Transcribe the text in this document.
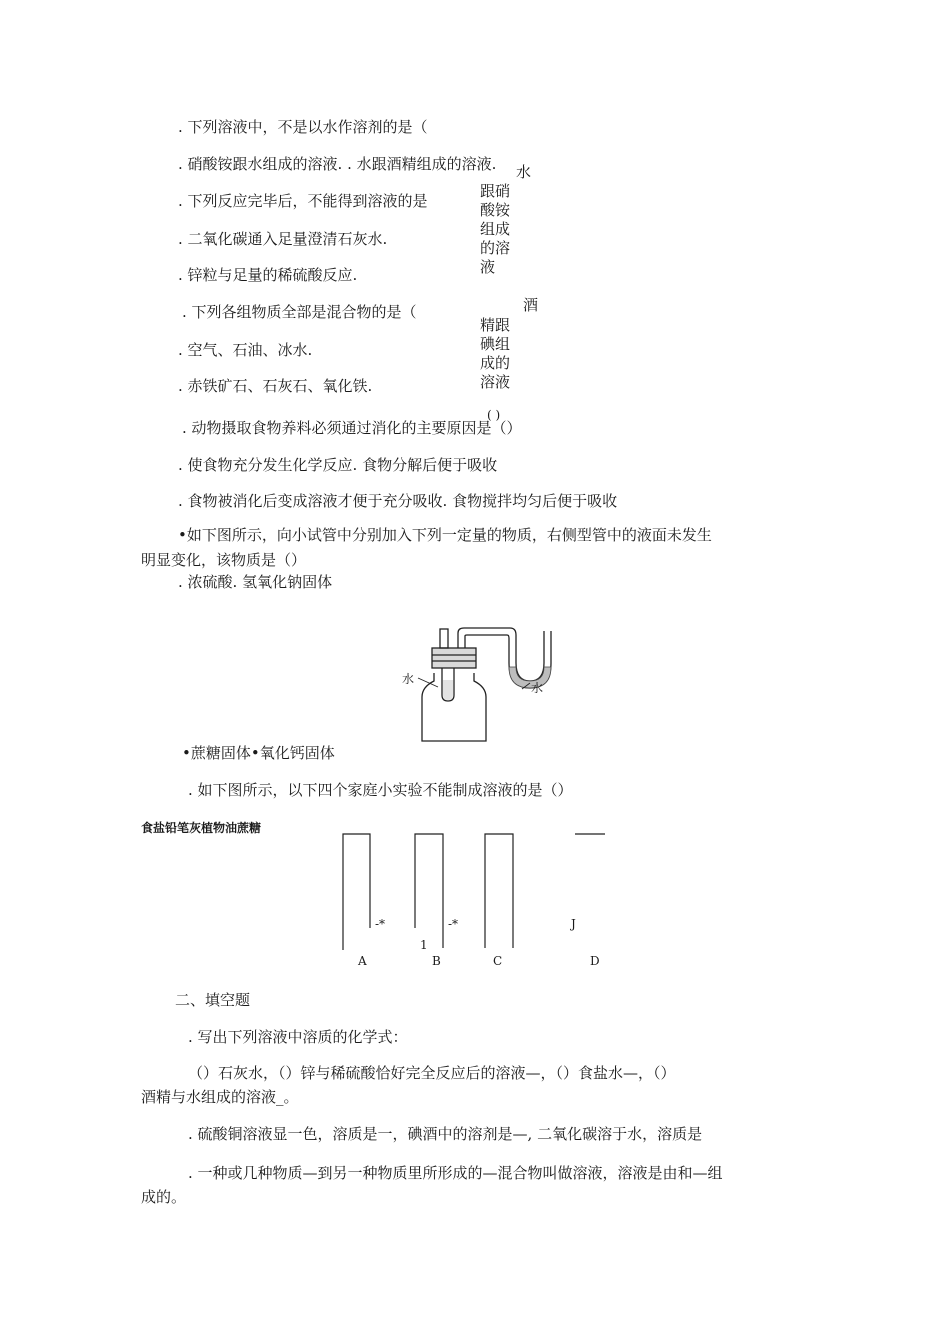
. 下列溶液中，不是以水作溶剂的是（
. 硝酸铵跟水组成的溶液. . 水跟酒精组成的溶液.
. 下列反应完毕后，不能得到溶液的是
. 二氧化碳通入足量澄清石灰水.
. 锌粒与足量的稀硫酸反应.
. 下列各组物质全部是混合物的是（
. 空气、石油、冰水.
. 赤铁矿石、石灰石、氧化铁.
. 动物摄取食物养料必须通过消化的主要原因是（）
. 使食物充分发生化学反应. 食物分解后便于吸收
. 食物被消化后变成溶液才便于充分吸收. 食物搅拌均匀后便于吸收
•如下图所示，向小试管中分别加入下列一定量的物质，右侧型管中的液面未发生
明显变化，该物质是（）
. 浓硫酸. 氢氧化钠固体
水
跟硝
酸铵
组成
的溶
液
酒
精跟
碘组
成的
溶液
( )
水
水
•蔗糖固体•氧化钙固体
. 如下图所示，以下四个家庭小实验不能制成溶液的是（）
食盐铅笔灰植物油蔗糖
-*	-*	J
1
A	B	C	D
二、填空题
. 写出下列溶液中溶质的化学式：
（）石灰水，（）锌与稀硫酸恰好完全反应后的溶液—，（）食盐水—，（）
酒精与水组成的溶液_。
. 硫酸铜溶液显一色，溶质是一，碘酒中的溶剂是—, 二氧化碳溶于水，溶质是
. 一种或几种物质—到另一种物质里所形成的—混合物叫做溶液，溶液是由和—组
成的。
